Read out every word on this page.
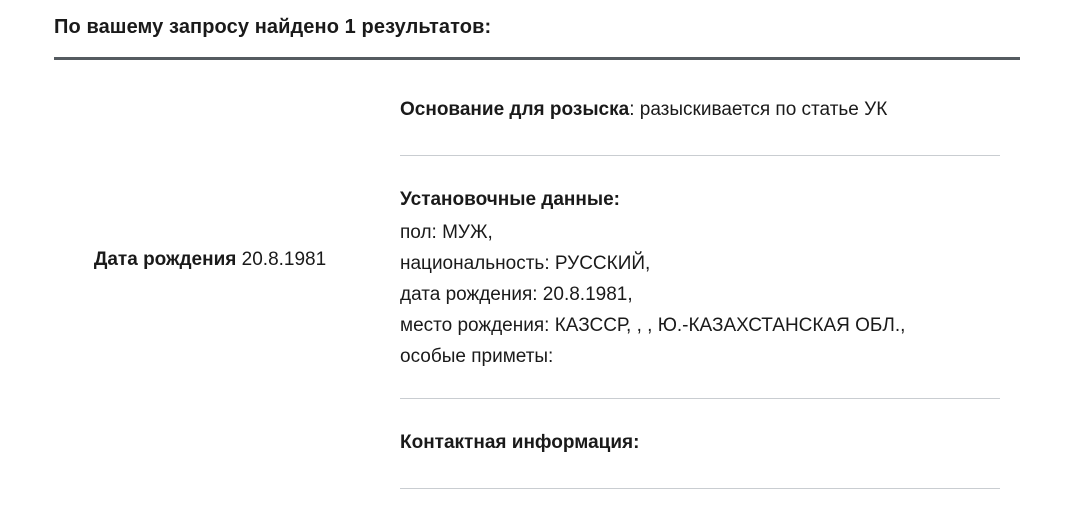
По вашему запросу найдено 1 результатов:
Дата рождения 20.8.1981
Основание для розыска: разыскивается по статье УК
Установочные данные:
пол: МУЖ,
национальность: РУССКИЙ,
дата рождения: 20.8.1981,
место рождения: КАЗССР, , , Ю.-КАЗАХСТАНСКАЯ ОБЛ.,
особые приметы:
Контактная информация:
